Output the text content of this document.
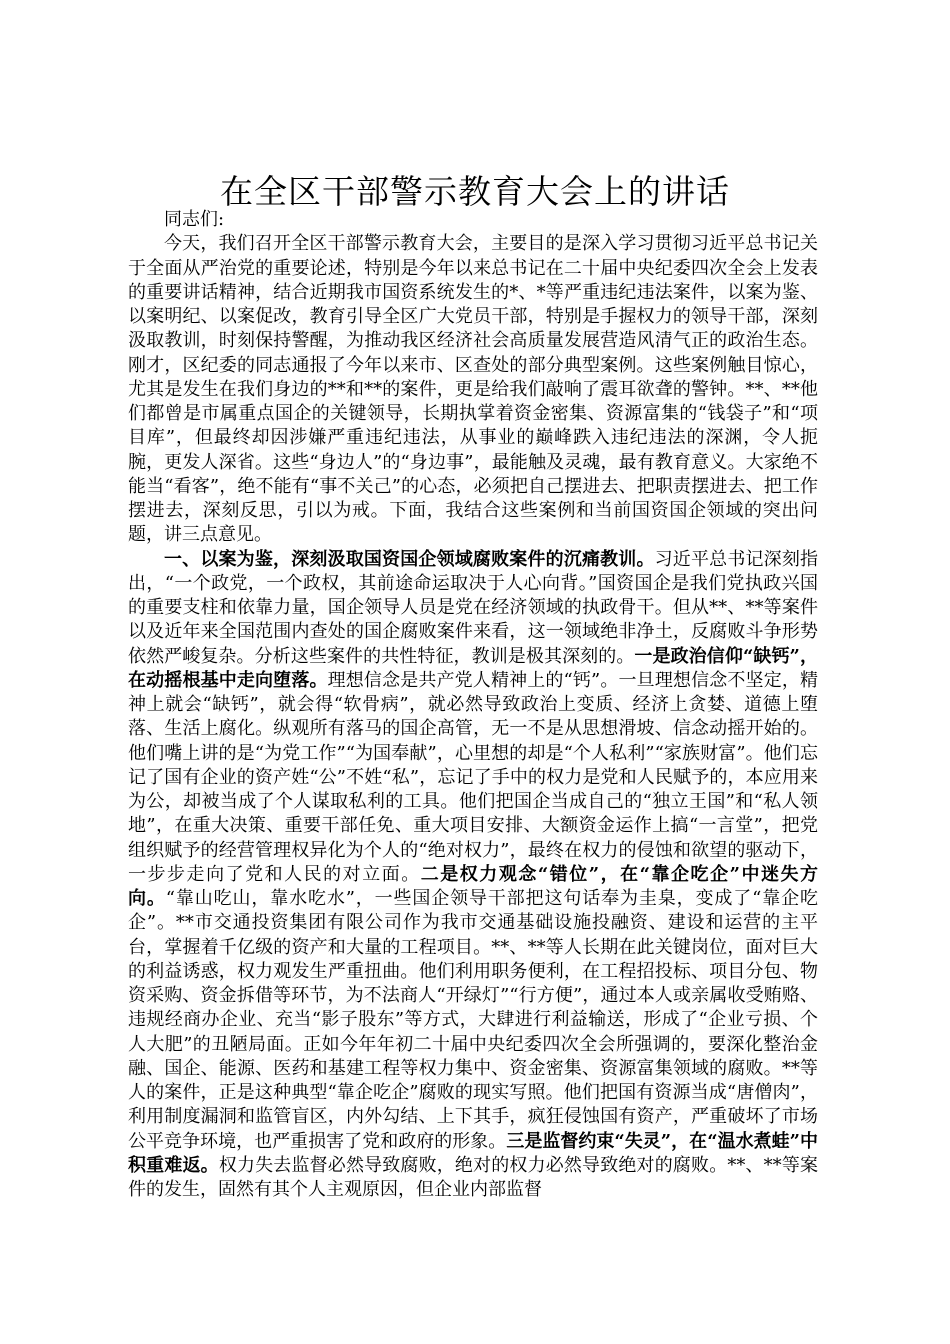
在全区干部警示教育大会上的讲话

同志们:

今天，我们召开全区干部警示教育大会，主要目的是深入学习贯彻习近平总书记关于全面从严治党的重要论述，特别是今年以来总书记在二十届中央纪委四次全会上发表的重要讲话精神，结合近期我市国资系统发生的*、*等严重违纪违法案件，以案为鉴、以案明纪、以案促改，教育引导全区广大党员干部，特别是手握权力的领导干部，深刻汲取教训，时刻保持警醒，为推动我区经济社会高质量发展营造风清气正的政治生态。刚才，区纪委的同志通报了今年以来市、区查处的部分典型案例。这些案例触目惊心，尤其是发生在我们身边的**和**的案件，更是给我们敲响了震耳欲聋的警钟。**、**他们都曾是市属重点国企的关键领导，长期执掌着资金密集、资源富集的“钱袋子”和“项目库”，但最终却因涉嫌严重违纪违法，从事业的巅峰跌入违纪违法的深渊，令人扼腕，更发人深省。这些“身边人”的“身边事”，最能触及灵魂，最有教育意义。大家绝不能当“看客”，绝不能有“事不关己”的心态，必须把自己摆进去、把职责摆进去、把工作摆进去，深刻反思，引以为戒。下面，我结合这些案例和当前国资国企领域的突出问题，讲三点意见。

一、以案为鉴，深刻汲取国资国企领域腐败案件的沉痛教训。习近平总书记深刻指出，“一个政党，一个政权，其前途命运取决于人心向背。”国资国企是我们党执政兴国的重要支柱和依靠力量，国企领导人员是党在经济领域的执政骨干。但从**、**等案件以及近年来全国范围内查处的国企腐败案件来看，这一领域绝非净土，反腐败斗争形势依然严峻复杂。分析这些案件的共性特征，教训是极其深刻的。一是政治信仰“缺钙”，在动摇根基中走向堕落。理想信念是共产党人精神上的“钙”。一旦理想信念不坚定，精神上就会“缺钙”，就会得“软骨病”，就必然导致政治上变质、经济上贪婪、道德上堕落、生活上腐化。纵观所有落马的国企高管，无一不是从思想滑坡、信念动摇开始的。他们嘴上讲的是“为党工作”“为国奉献”，心里想的却是“个人私利”“家族财富”。他们忘记了国有企业的资产姓“公”不姓“私”，忘记了手中的权力是党和人民赋予的，本应用来为公，却被当成了个人谋取私利的工具。他们把国企当成自己的“独立王国”和“私人领地”，在重大决策、重要干部任免、重大项目安排、大额资金运作上搞“一言堂”，把党组织赋予的经营管理权异化为个人的“绝对权力”，最终在权力的侵蚀和欲望的驱动下，一步步走向了党和人民的对立面。二是权力观念“错位”，在“靠企吃企”中迷失方向。“靠山吃山，靠水吃水”，一些国企领导干部把这句话奉为圭臬，变成了“靠企吃企”。**市交通投资集团有限公司作为我市交通基础设施投融资、建设和运营的主平台，掌握着千亿级的资产和大量的工程项目。**、**等人长期在此关键岗位，面对巨大的利益诱惑，权力观发生严重扭曲。他们利用职务便利，在工程招投标、项目分包、物资采购、资金拆借等环节，为不法商人“开绿灯”“行方便”，通过本人或亲属收受贿赂、违规经商办企业、充当“影子股东”等方式，大肆进行利益输送，形成了“企业亏损、个人大肥”的丑陋局面。正如今年年初二十届中央纪委四次全会所强调的，要深化整治金融、国企、能源、医药和基建工程等权力集中、资金密集、资源富集领域的腐败。**等人的案件，正是这种典型“靠企吃企”腐败的现实写照。他们把国有资源当成“唐僧肉”，利用制度漏洞和监管盲区，内外勾结、上下其手，疯狂侵蚀国有资产，严重破坏了市场公平竞争环境，也严重损害了党和政府的形象。三是监督约束“失灵”，在“温水煮蛙”中积重难返。权力失去监督必然导致腐败，绝对的权力必然导致绝对的腐败。**、**等案件的发生，固然有其个人主观原因，但企业内部监督
